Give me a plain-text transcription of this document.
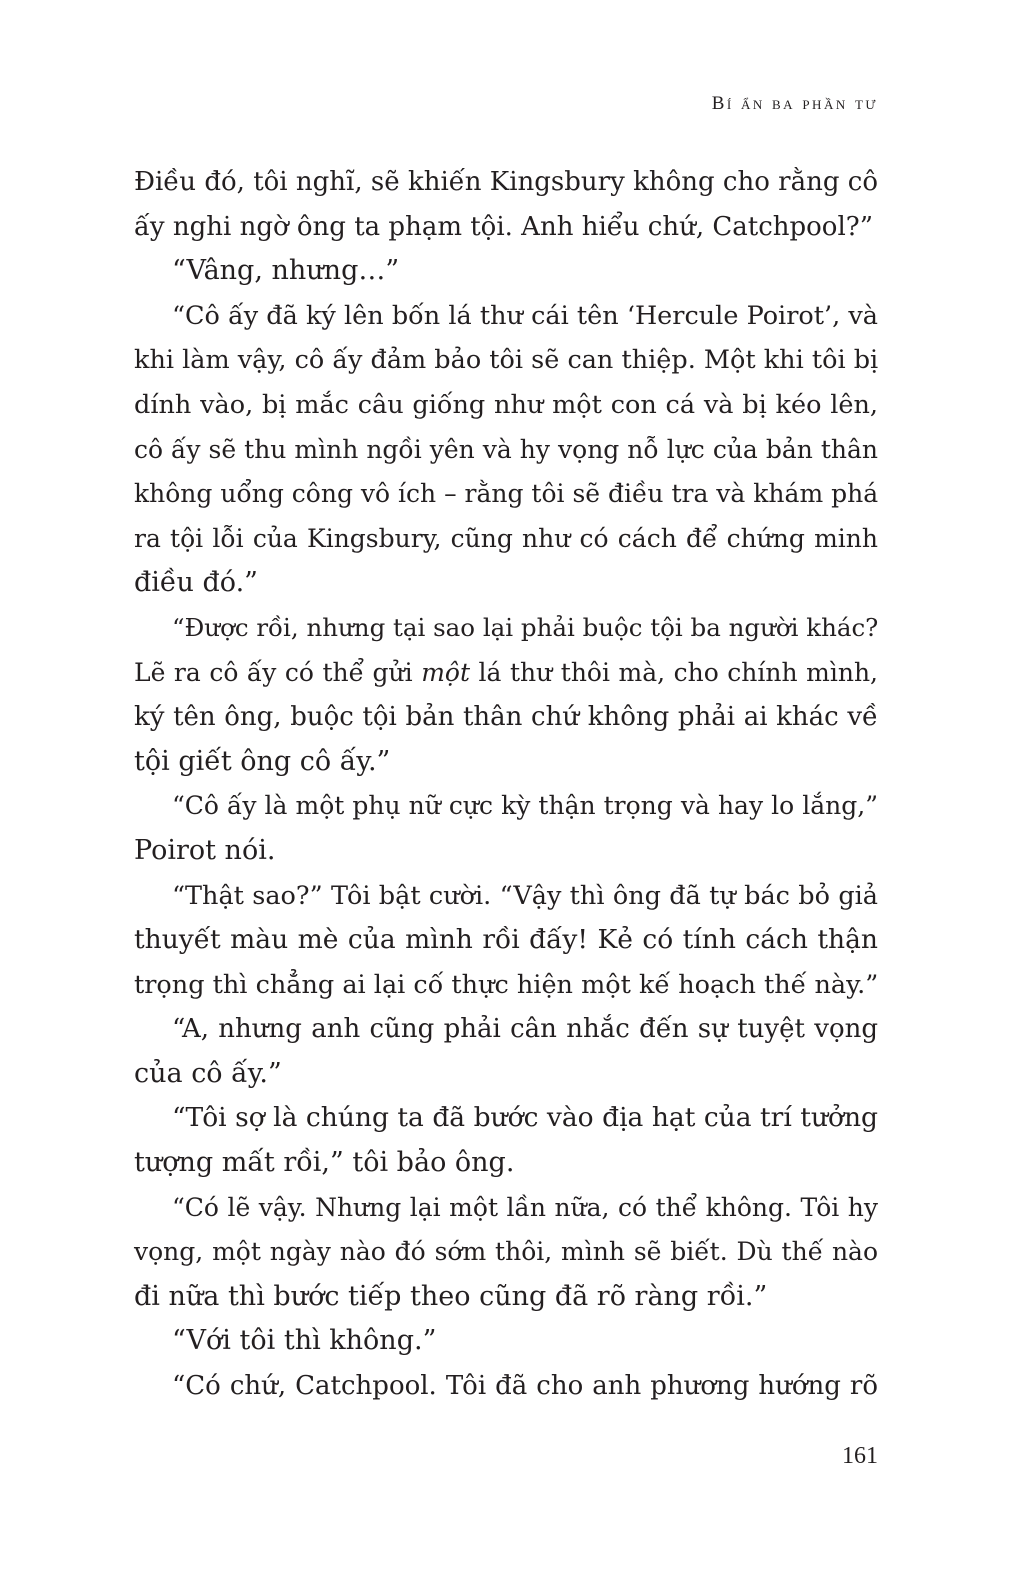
Bí ẩn ba phần tư
Điều đó, tôi nghĩ, sẽ khiến Kingsbury không cho rằng cô
ấy nghi ngờ ông ta phạm tội. Anh hiểu chứ, Catchpool?”
“Vâng, nhưng…”
“Cô ấy đã ký lên bốn lá thư cái tên ‘Hercule Poirot’, và
khi làm vậy, cô ấy đảm bảo tôi sẽ can thiệp. Một khi tôi bị
dính vào, bị mắc câu giống như một con cá và bị kéo lên,
cô ấy sẽ thu mình ngồi yên và hy vọng nỗ lực của bản thân
không uổng công vô ích – rằng tôi sẽ điều tra và khám phá
ra tội lỗi của Kingsbury, cũng như có cách để chứng minh
điều đó.”
“Được rồi, nhưng tại sao lại phải buộc tội ba người khác?
Lẽ ra cô ấy có thể gửi một lá thư thôi mà, cho chính mình,
ký tên ông, buộc tội bản thân chứ không phải ai khác về
tội giết ông cô ấy.”
“Cô ấy là một phụ nữ cực kỳ thận trọng và hay lo lắng,”
Poirot nói.
“Thật sao?” Tôi bật cười. “Vậy thì ông đã tự bác bỏ giả
thuyết màu mè của mình rồi đấy! Kẻ có tính cách thận
trọng thì chẳng ai lại cố thực hiện một kế hoạch thế này.”
“A, nhưng anh cũng phải cân nhắc đến sự tuyệt vọng
của cô ấy.”
“Tôi sợ là chúng ta đã bước vào địa hạt của trí tưởng
tượng mất rồi,” tôi bảo ông.
“Có lẽ vậy. Nhưng lại một lần nữa, có thể không. Tôi hy
vọng, một ngày nào đó sớm thôi, mình sẽ biết. Dù thế nào
đi nữa thì bước tiếp theo cũng đã rõ ràng rồi.”
“Với tôi thì không.”
“Có chứ, Catchpool. Tôi đã cho anh phương hướng rõ
161
